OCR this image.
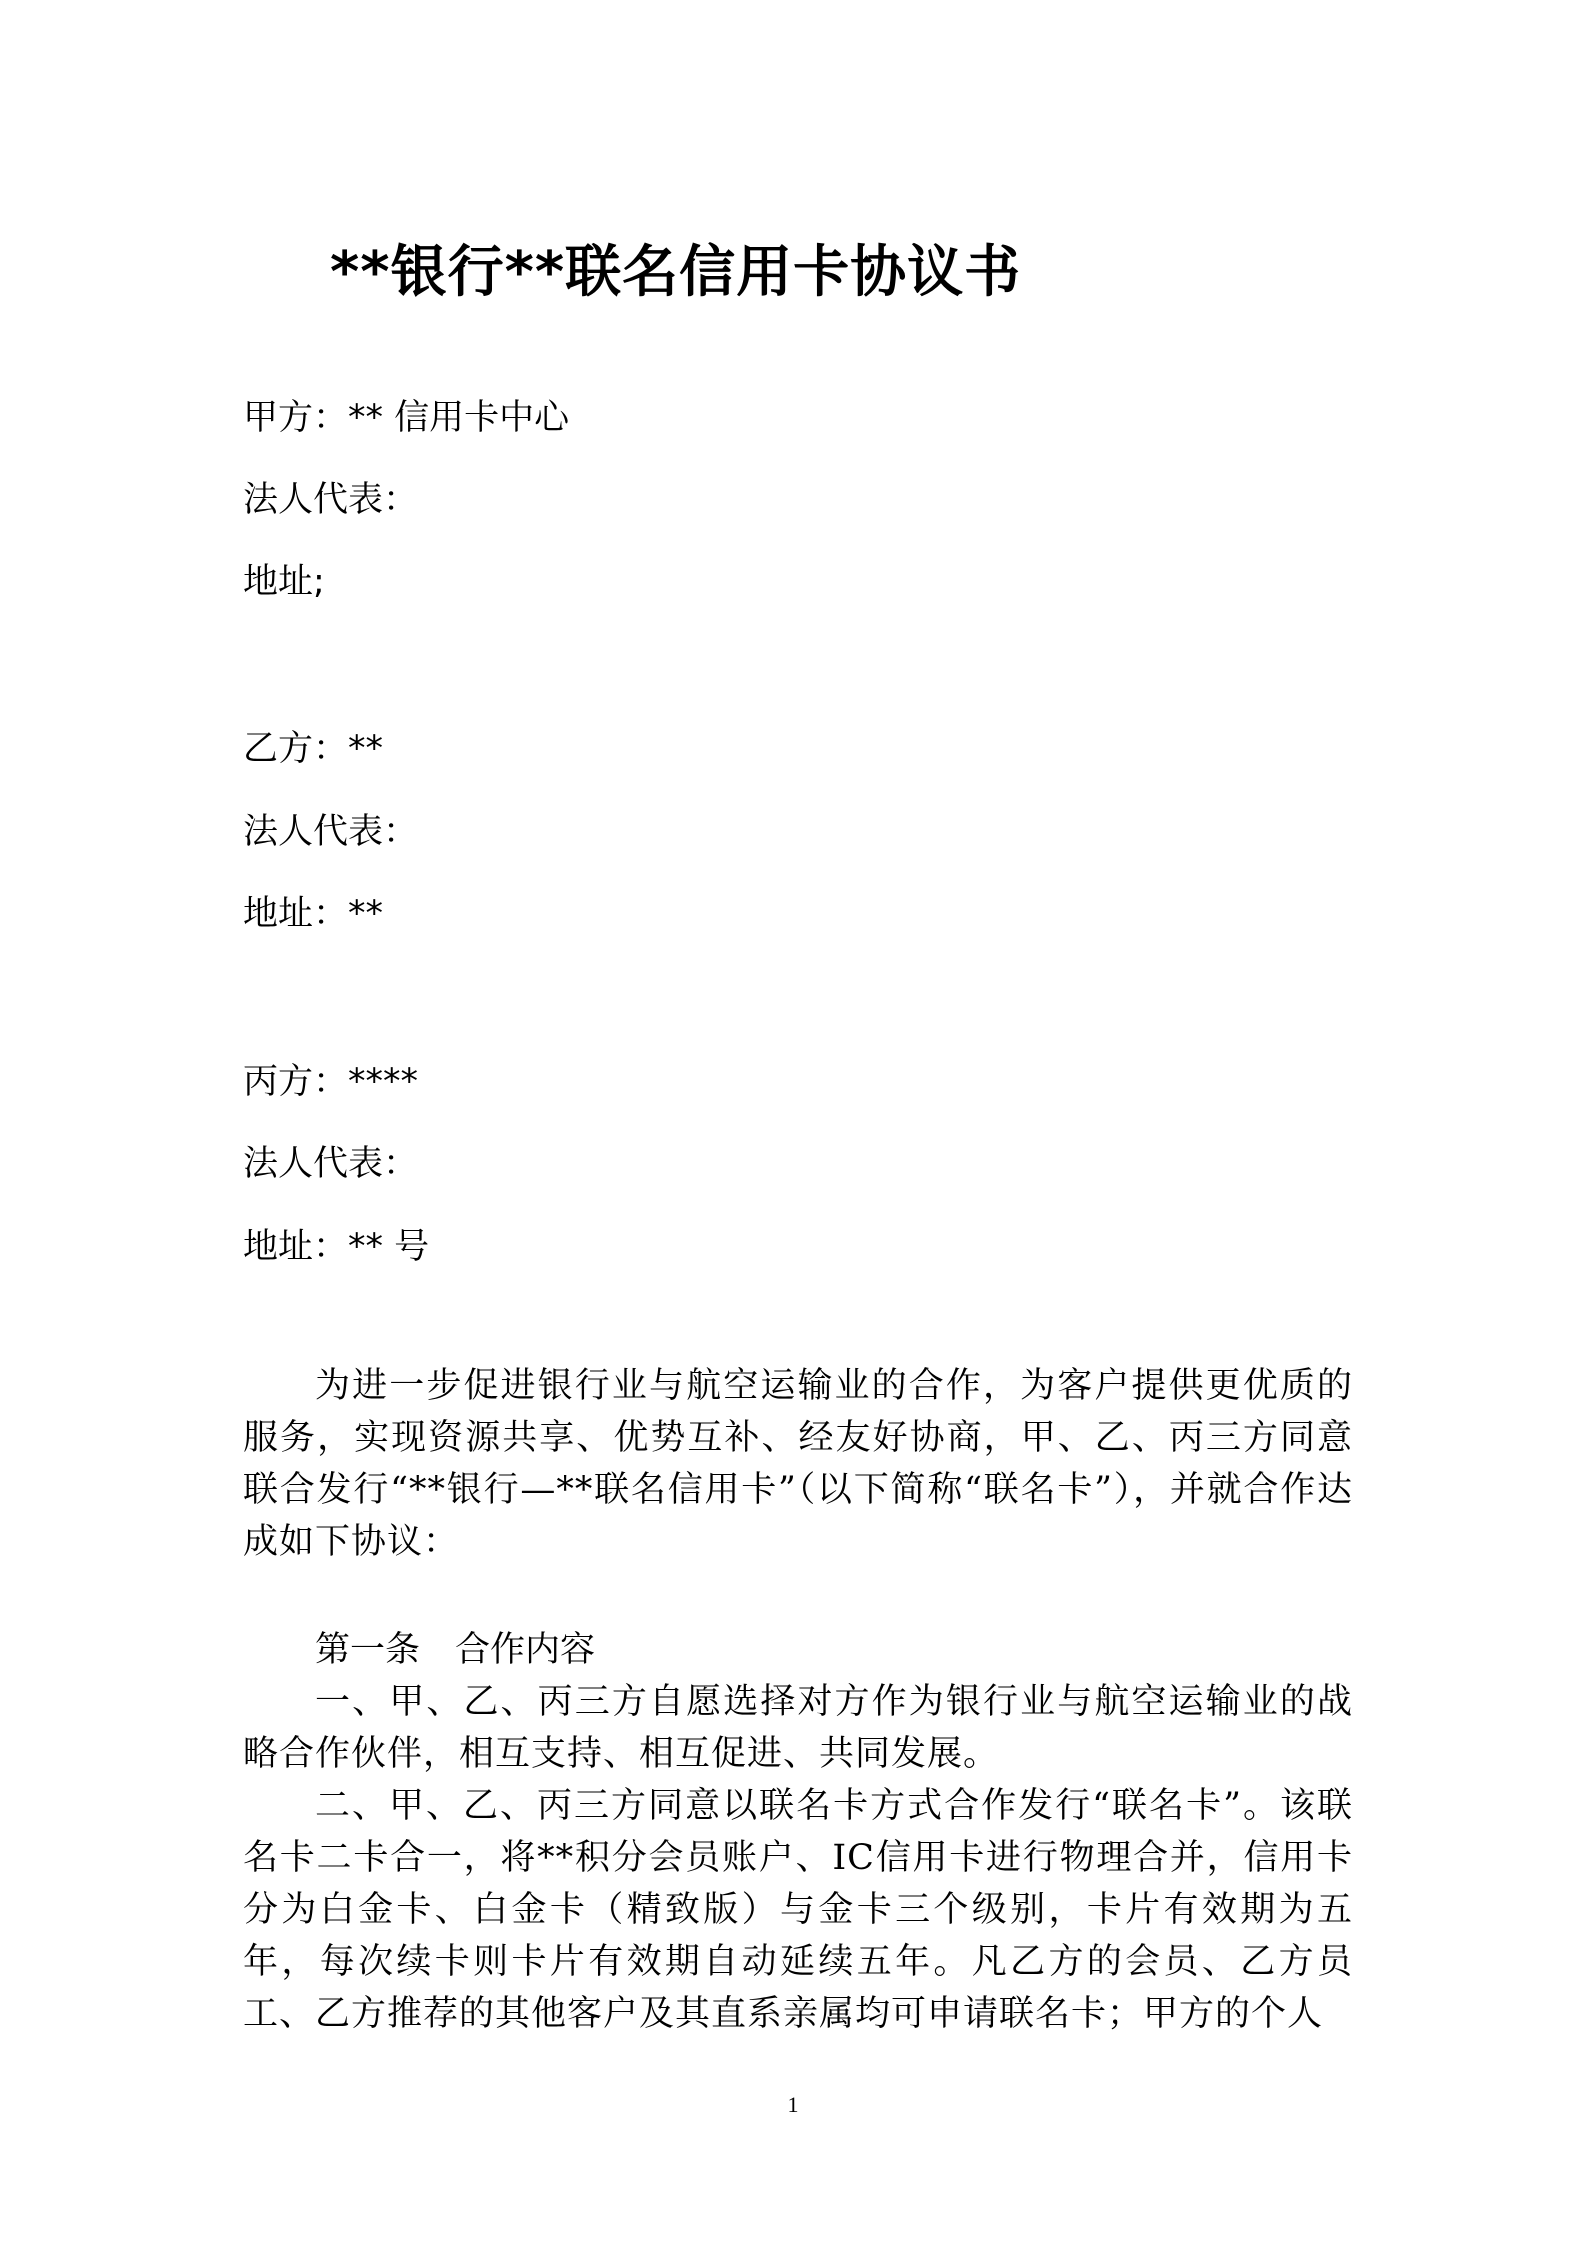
**银行**联名信用卡协议书
甲方：** 信用卡中心
法人代表：
地址;
乙方：**
法人代表：
地址：**
丙方：****
法人代表：
地址：** 号
为进一步促进银行业与航空运输业的合作，为客户提供更优质的服务，实现资源共享、优势互补、经友好协商，甲、乙、丙三方同意联合发行“**银行—**联名信用卡”（以下简称“联名卡”），并就合作达成如下协议：
第一条　合作内容
一、甲、乙、丙三方自愿选择对方作为银行业与航空运输业的战略合作伙伴，相互支持、相互促进、共同发展。
二、甲、乙、丙三方同意以联名卡方式合作发行“联名卡”。该联名卡二卡合一，将**积分会员账户、IC信用卡进行物理合并，信用卡分为白金卡、白金卡（精致版）与金卡三个级别，卡片有效期为五年，每次续卡则卡片有效期自动延续五年。凡乙方的会员、乙方员工、乙方推荐的其他客户及其直系亲属均可申请联名卡；甲方的个人
1
